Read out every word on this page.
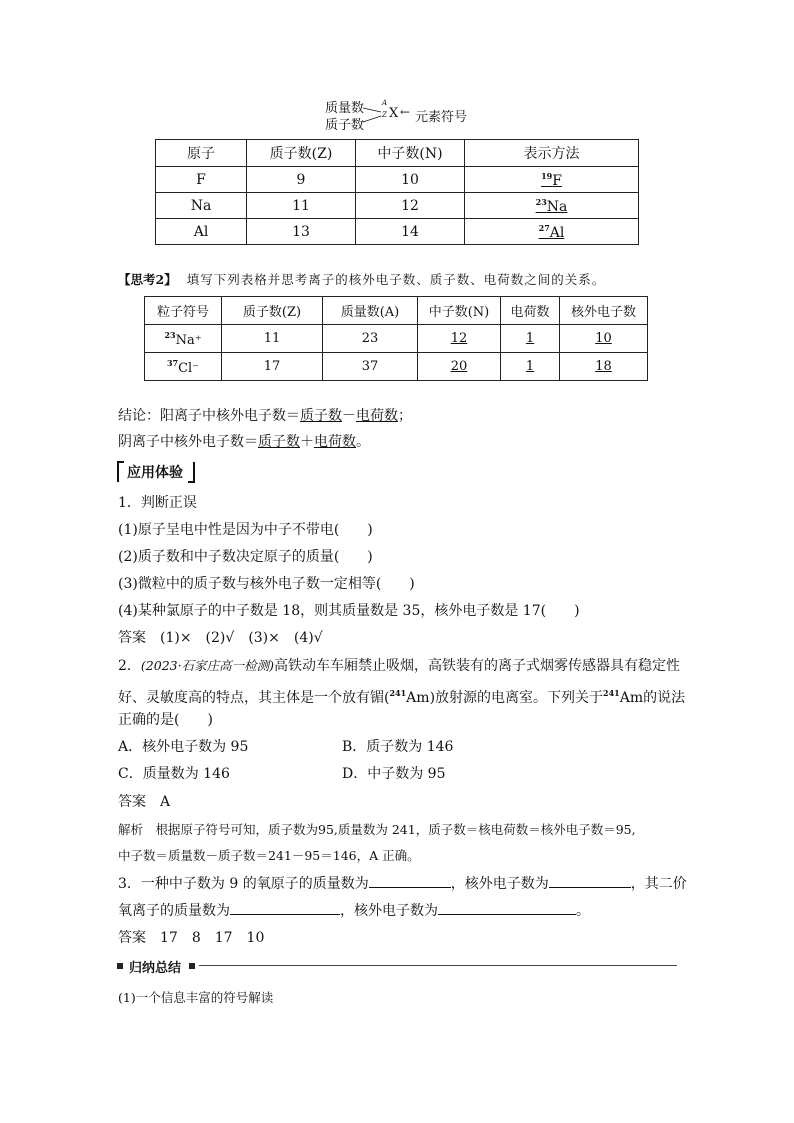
质量数
质子数
A
Z X ← 元素符号
原子	质子数(Z)	中子数(N)	表示方法
F	9	10	$^{19}$F
Na	11	12	$^{23}$Na
Al	13	14	$^{27}$Al
【思考2】 填写下列表格并思考离子的核外电子数、质子数、电荷数之间的关系。
粒子符号	质子数(Z)	质量数(A)	中子数(N)	电荷数	核外电子数
$^{23}$Na⁺	11	23	12	1	10
$^{37}$Cl⁻	17	37	20	1	18
结论：阳离子中核外电子数＝质子数－电荷数；
阴离子中核外电子数＝质子数＋电荷数。
应用体验
1．判断正误
(1)原子呈电中性是因为中子不带电(　　)
(2)质子数和中子数决定原子的质量(　　)
(3)微粒中的质子数与核外电子数一定相等(　　)
(4)某种氯原子的中子数是 18，则其质量数是 35，核外电子数是 17(　　)
答案　(1)×　(2)√　(3)×　(4)√
2．(2023·石家庄高一检测)高铁动车车厢禁止吸烟，高铁装有的离子式烟雾传感器具有稳定性
好、灵敏度高的特点，其主体是一个放有镅($^{241}$Am)放射源的电离室。下列关于$^{241}$Am的说法
正确的是(　　)
A．核外电子数为 95	B．质子数为 146
C．质量数为 146	D．中子数为 95
答案　A
解析　根据原子符号可知，质子数为95,质量数为 241，质子数＝核电荷数＝核外电子数＝95,
中子数＝质量数－质子数＝241－95＝146，A 正确。
3．一种中子数为 9 的氧原子的质量数为	，核外电子数为	，其二价
氧离子的质量数为	，核外电子数为	。
答案　17　8　17　10
归纳总结
(1)一个信息丰富的符号解读
